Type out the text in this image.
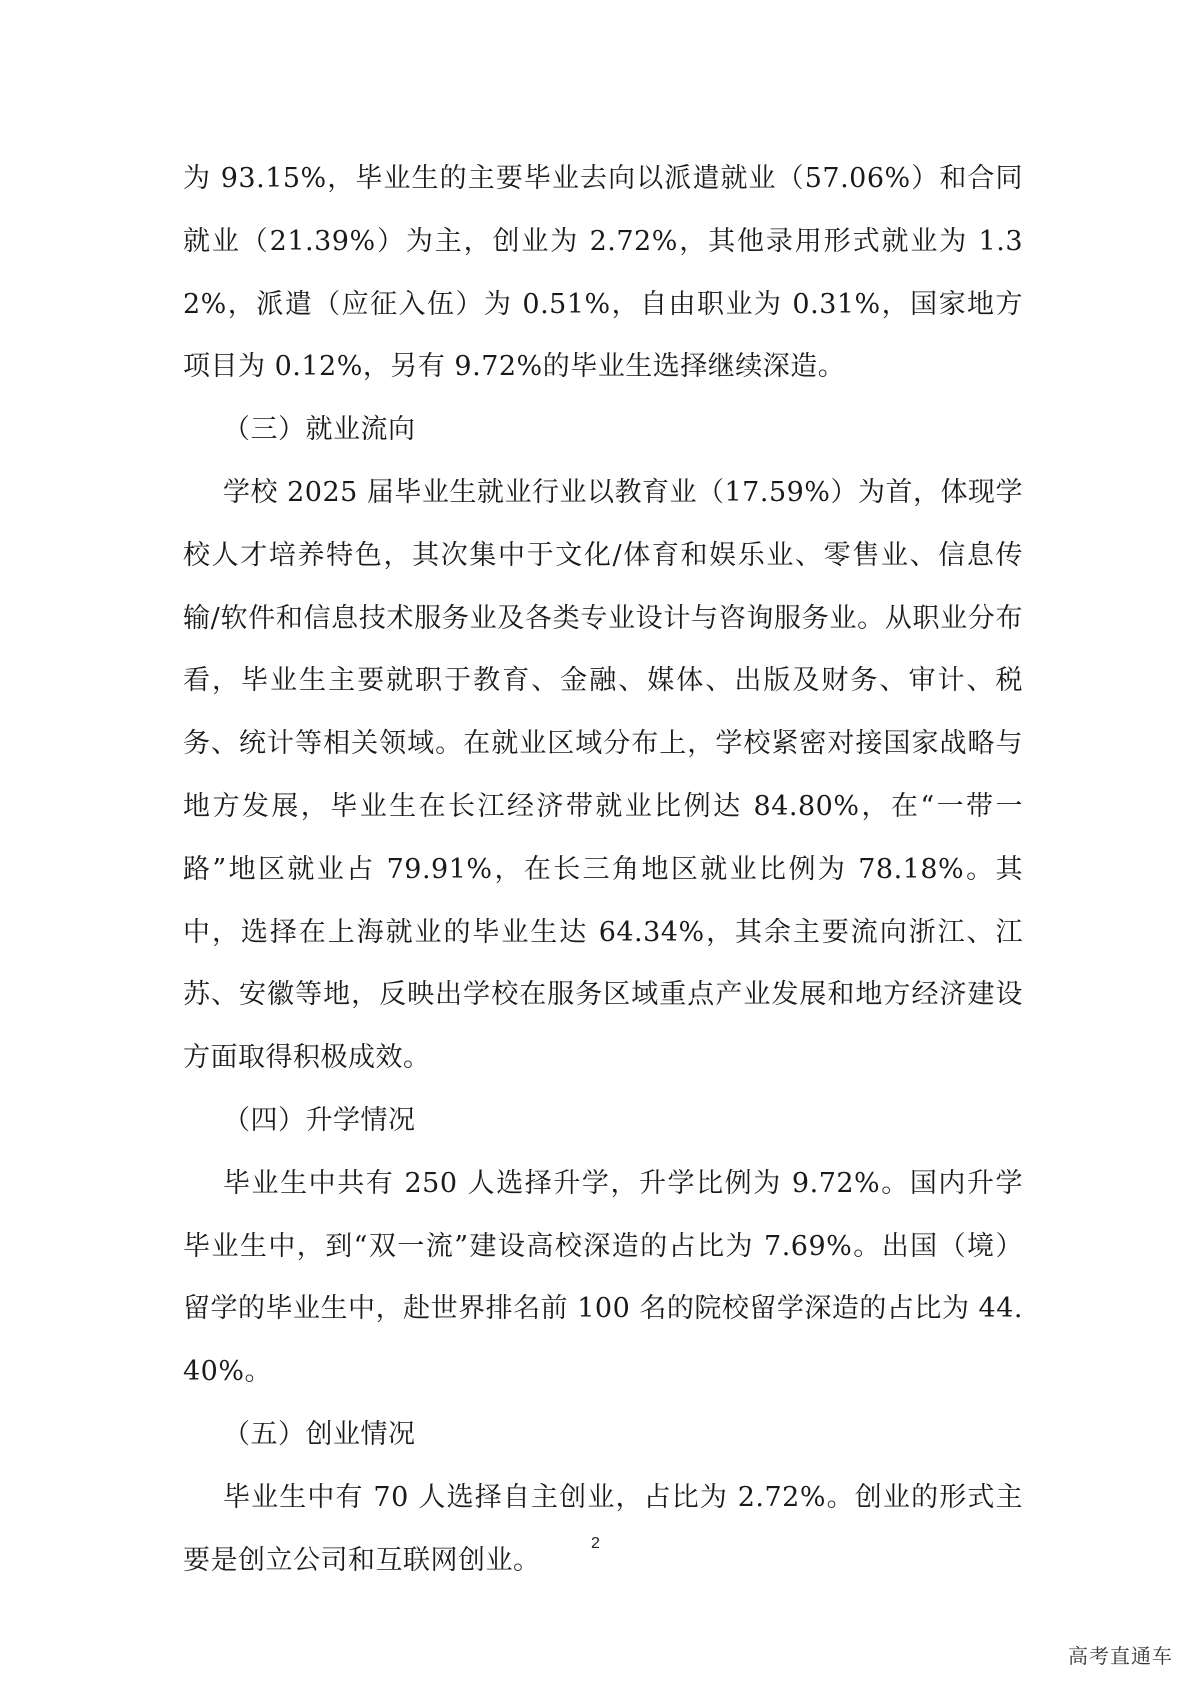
为 93.15%，毕业生的主要毕业去向以派遣就业（57.06%）和合同就业（21.39%）为主，创业为 2.72%，其他录用形式就业为 1.32%，派遣（应征入伍）为 0.51%，自由职业为 0.31%，国家地方项目为 0.12%，另有 9.72%的毕业生选择继续深造。

（三）就业流向

学校 2025 届毕业生就业行业以教育业（17.59%）为首，体现学校人才培养特色，其次集中于文化/体育和娱乐业、零售业、信息传输/软件和信息技术服务业及各类专业设计与咨询服务业。从职业分布看，毕业生主要就职于教育、金融、媒体、出版及财务、审计、税务、统计等相关领域。在就业区域分布上，学校紧密对接国家战略与地方发展，毕业生在长江经济带就业比例达 84.80%，在“一带一路”地区就业占 79.91%，在长三角地区就业比例为 78.18%。其中，选择在上海就业的毕业生达 64.34%，其余主要流向浙江、江苏、安徽等地，反映出学校在服务区域重点产业发展和地方经济建设方面取得积极成效。

（四）升学情况

毕业生中共有 250 人选择升学，升学比例为 9.72%。国内升学毕业生中，到“双一流”建设高校深造的占比为 7.69%。出国（境）留学的毕业生中，赴世界排名前 100 名的院校留学深造的占比为 44.40%。

（五）创业情况

毕业生中有 70 人选择自主创业，占比为 2.72%。创业的形式主要是创立公司和互联网创业。

2
高考直通车
